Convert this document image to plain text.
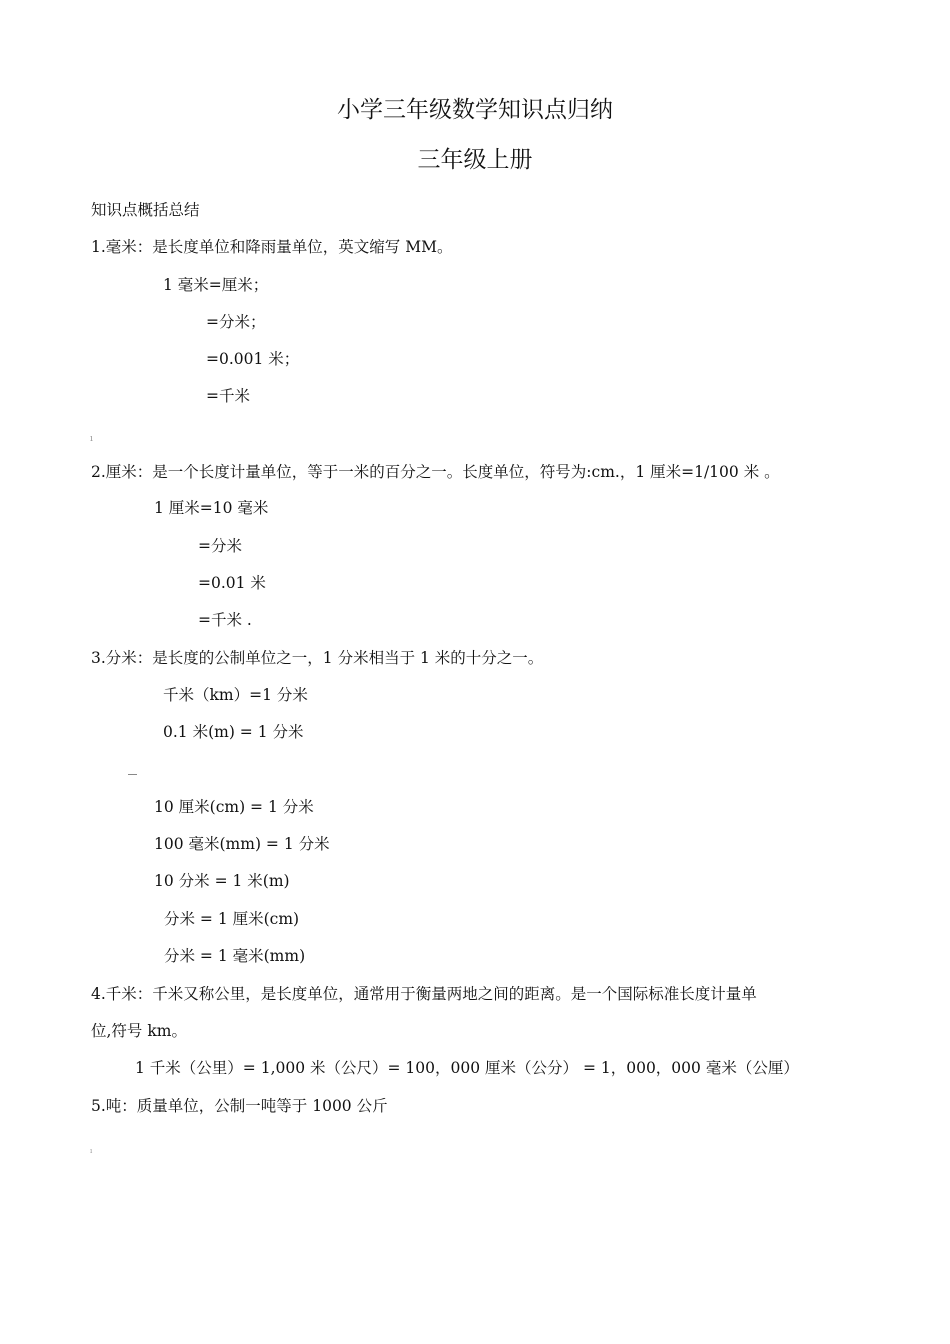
小学三年级数学知识点归纳
三年级上册
知识点概括总结
1.毫米：是长度单位和降雨量单位，英文缩写 MM。
1 毫米=厘米；
=分米；
=0.001 米；
=千米
ı
2.厘米：是一个长度计量单位，等于一米的百分之一。长度单位，符号为:cm.，1 厘米=1/100 米 。
1 厘米=10 毫米
=分米
=0.01 米
=千米 .
3.分米：是长度的公制单位之一，1 分米相当于 1 米的十分之一。
千米（km）=1 分米
0.1 米(m) = 1 分米
10 厘米(cm) = 1 分米
100 毫米(mm) = 1 分米
10 分米 = 1 米(m)
分米 = 1 厘米(cm)
分米 = 1 毫米(mm)
4.千米：千米又称公里，是长度单位，通常用于衡量两地之间的距离。是一个国际标准长度计量单
位,符号 km。
1 千米（公里）= 1,000 米（公尺）= 100，000 厘米（公分） = 1，000，000 毫米（公厘）
5.吨：质量单位，公制一吨等于 1000 公斤
ı
